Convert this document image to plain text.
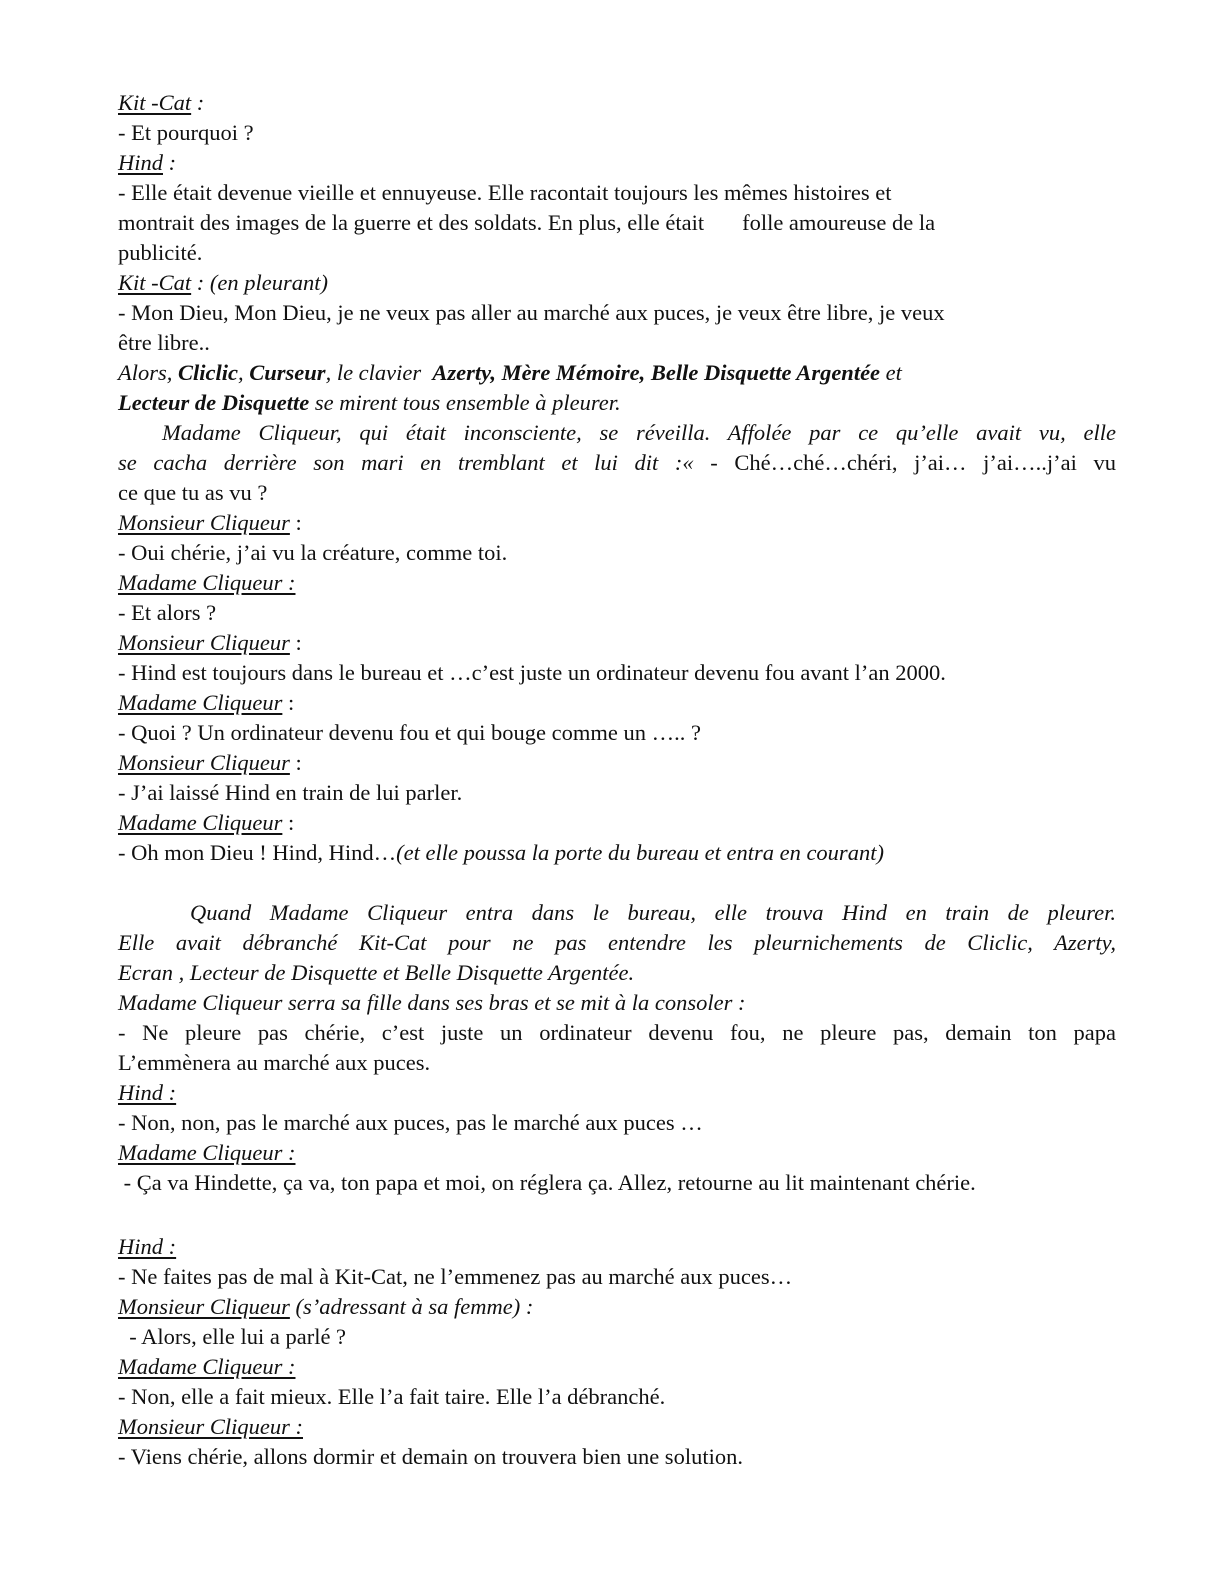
Kit -Cat :
- Et pourquoi ?
Hind :
- Elle était devenue vieille et ennuyeuse. Elle racontait toujours les mêmes histoires et
montrait des images de la guerre et des soldats. En plus, elle était folle amoureuse de la
publicité.
Kit -Cat : (en pleurant)
- Mon Dieu, Mon Dieu, je ne veux pas aller au marché aux puces, je veux être libre, je veux
être libre..
Alors, Cliclic, Curseur, le clavier  Azerty, Mère Mémoire, Belle Disquette Argentée et
Lecteur de Disquette se mirent tous ensemble à pleurer.
Madame Cliqueur, qui était inconsciente, se réveilla. Affolée par ce qu’elle avait vu, elle
se cacha derrière son mari en tremblant et lui dit :« - Ché…ché…chéri, j’ai… j’ai…..j’ai vu
ce que tu as vu ?
Monsieur Cliqueur :
- Oui chérie, j’ai vu la créature, comme toi.
Madame Cliqueur :
- Et alors ?
Monsieur Cliqueur :
- Hind est toujours dans le bureau et …c’est juste un ordinateur devenu fou avant l’an 2000.
Madame Cliqueur :
- Quoi ? Un ordinateur devenu fou et qui bouge comme un ….. ?
Monsieur Cliqueur :
- J’ai laissé Hind en train de lui parler.
Madame Cliqueur :
- Oh mon Dieu ! Hind, Hind…(et elle poussa la porte du bureau et entra en courant)
Quand Madame Cliqueur entra dans le bureau, elle trouva Hind en train de pleurer.
Elle avait débranché Kit-Cat pour ne pas entendre les pleurnichements de Cliclic, Azerty,
Ecran , Lecteur de Disquette et Belle Disquette Argentée.
Madame Cliqueur serra sa fille dans ses bras et se mit à la consoler :
- Ne pleure pas chérie, c’est juste un ordinateur devenu fou, ne pleure pas, demain ton papa
L’emmènera au marché aux puces.
Hind :
- Non, non, pas le marché aux puces, pas le marché aux puces …
Madame Cliqueur :
- Ça va Hindette, ça va, ton papa et moi, on réglera ça. Allez, retourne au lit maintenant chérie.
Hind :
- Ne faites pas de mal à Kit-Cat, ne l’emmenez pas au marché aux puces…
Monsieur Cliqueur (s’adressant à sa femme) :
- Alors, elle lui a parlé ?
Madame Cliqueur :
- Non, elle a fait mieux. Elle l’a fait taire. Elle l’a débranché.
Monsieur Cliqueur :
- Viens chérie, allons dormir et demain on trouvera bien une solution.
